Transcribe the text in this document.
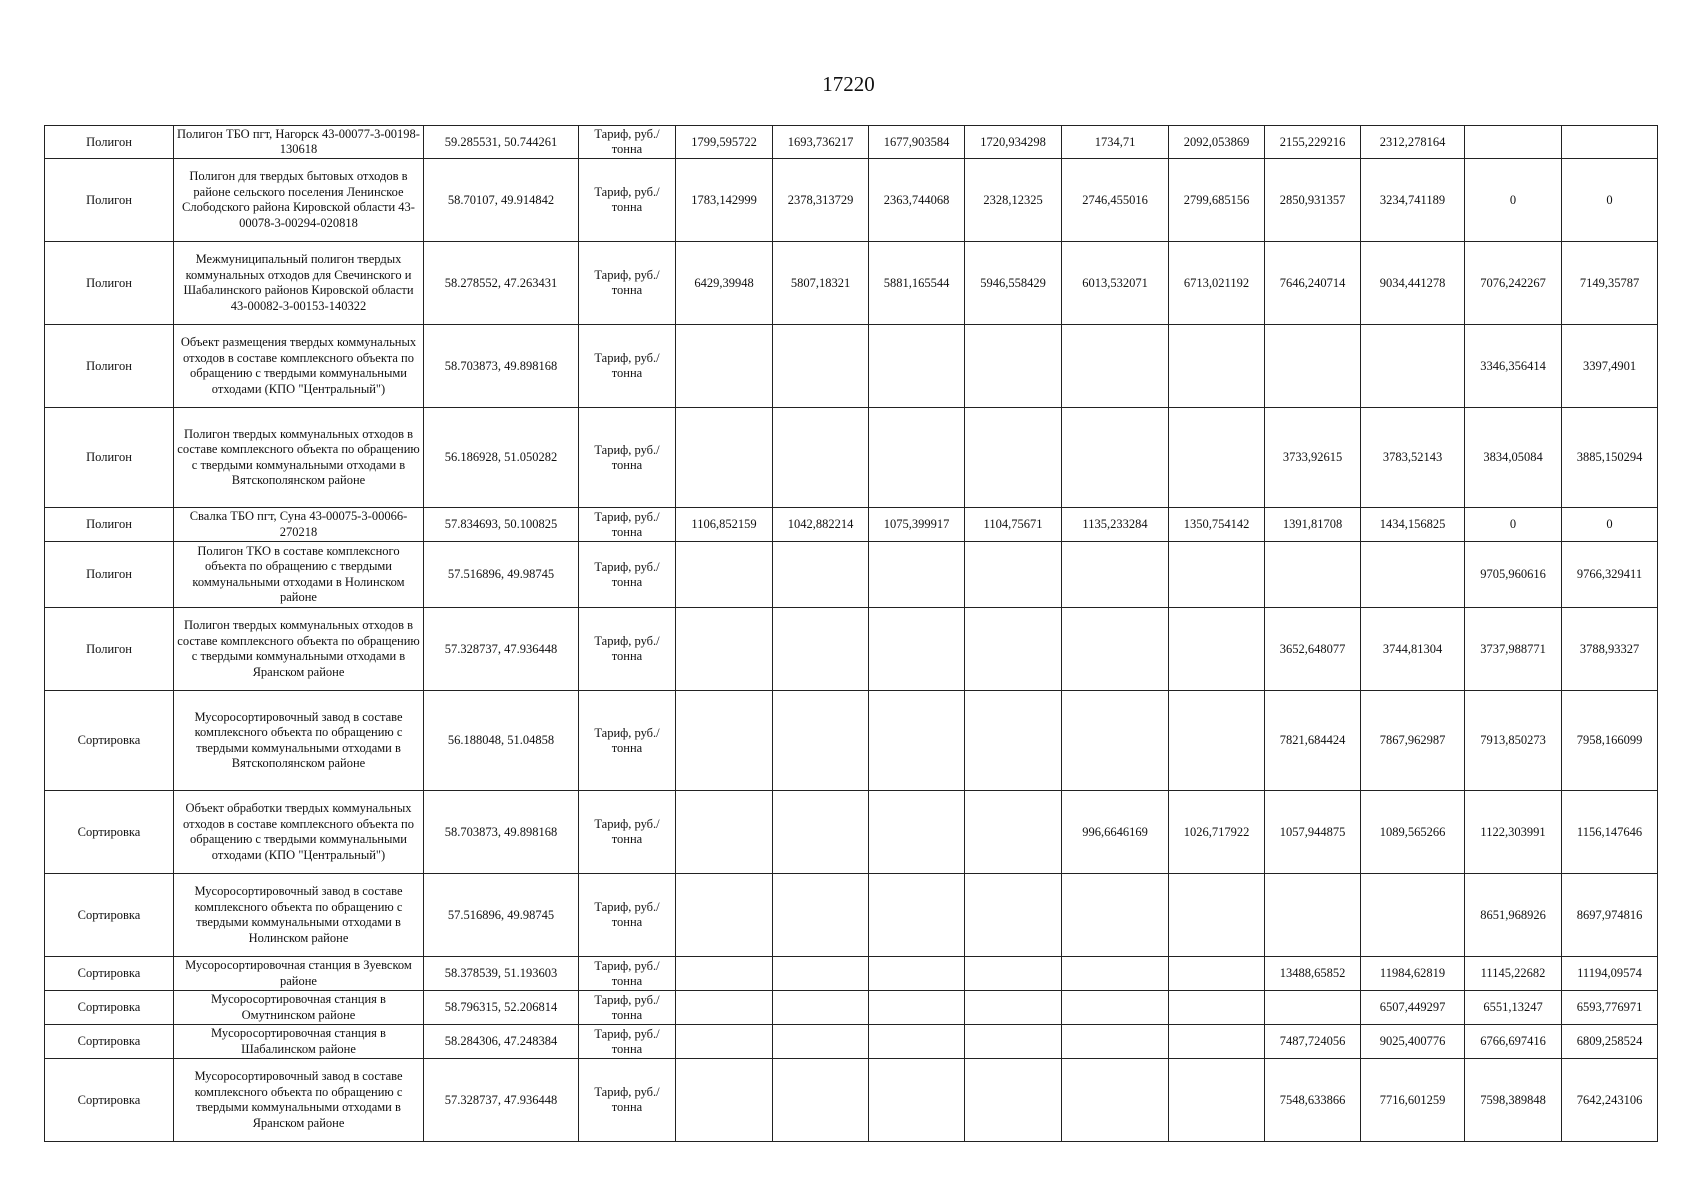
17220
Полигон	Полигон ТБО пгт, Нагорск 43-00077-3-00198-130618	59.285531, 50.744261	Тариф, руб./тонна	1799,595722	1693,736217	1677,903584	1720,934298	1734,71	2092,053869	2155,229216	2312,278164		
Полигон	Полигон для твердых бытовых отходов в районе сельского поселения Ленинское Слободского района Кировской области 43-00078-3-00294-020818	58.70107, 49.914842	Тариф, руб./тонна	1783,142999	2378,313729	2363,744068	2328,12325	2746,455016	2799,685156	2850,931357	3234,741189	0	0
Полигон	Межмуниципальный полигон твердых коммунальных отходов для Свечинского и Шабалинского районов Кировской области 43-00082-3-00153-140322	58.278552, 47.263431	Тариф, руб./тонна	6429,39948	5807,18321	5881,165544	5946,558429	6013,532071	6713,021192	7646,240714	9034,441278	7076,242267	7149,35787
Полигон	Объект размещения твердых коммунальных отходов в составе комплексного объекта по обращению с твердыми коммунальными отходами (КПО "Центральный")	58.703873, 49.898168	Тариф, руб./тонна									3346,356414	3397,4901
Полигон	Полигон твердых коммунальных отходов в составе комплексного объекта по обращению с твердыми коммунальными отходами в Вятскополянском районе	56.186928, 51.050282	Тариф, руб./тонна							3733,92615	3783,52143	3834,05084	3885,150294
Полигон	Свалка ТБО пгт, Суна 43-00075-3-00066-270218	57.834693, 50.100825	Тариф, руб./тонна	1106,852159	1042,882214	1075,399917	1104,75671	1135,233284	1350,754142	1391,81708	1434,156825	0	0
Полигон	Полигон ТКО в составе комплексного объекта по обращению с твердыми коммунальными отходами в Нолинском районе	57.516896, 49.98745	Тариф, руб./тонна									9705,960616	9766,329411
Полигон	Полигон твердых коммунальных отходов в составе комплексного объекта по обращению с твердыми коммунальными отходами в Яранском районе	57.328737, 47.936448	Тариф, руб./тонна							3652,648077	3744,81304	3737,988771	3788,93327
Сортировка	Мусоросортировочный завод в составе комплексного объекта по обращению с твердыми коммунальными отходами в Вятскополянском районе	56.188048, 51.04858	Тариф, руб./тонна							7821,684424	7867,962987	7913,850273	7958,166099
Сортировка	Объект обработки твердых коммунальных отходов в составе комплексного объекта по обращению с твердыми коммунальными отходами (КПО "Центральный")	58.703873, 49.898168	Тариф, руб./тонна					996,6646169	1026,717922	1057,944875	1089,565266	1122,303991	1156,147646
Сортировка	Мусоросортировочный завод в составе комплексного объекта по обращению с твердыми коммунальными отходами в Нолинском районе	57.516896, 49.98745	Тариф, руб./тонна									8651,968926	8697,974816
Сортировка	Мусоросортировочная станция в Зуевском районе	58.378539, 51.193603	Тариф, руб./тонна							13488,65852	11984,62819	11145,22682	11194,09574
Сортировка	Мусоросортировочная станция в Омутнинском районе	58.796315, 52.206814	Тариф, руб./тонна								6507,449297	6551,13247	6593,776971
Сортировка	Мусоросортировочная станция в Шабалинском районе	58.284306, 47.248384	Тариф, руб./тонна							7487,724056	9025,400776	6766,697416	6809,258524
Сортировка	Мусоросортировочный завод в составе комплексного объекта по обращению с твердыми коммунальными отходами в Яранском районе	57.328737, 47.936448	Тариф, руб./тонна							7548,633866	7716,601259	7598,389848	7642,243106
